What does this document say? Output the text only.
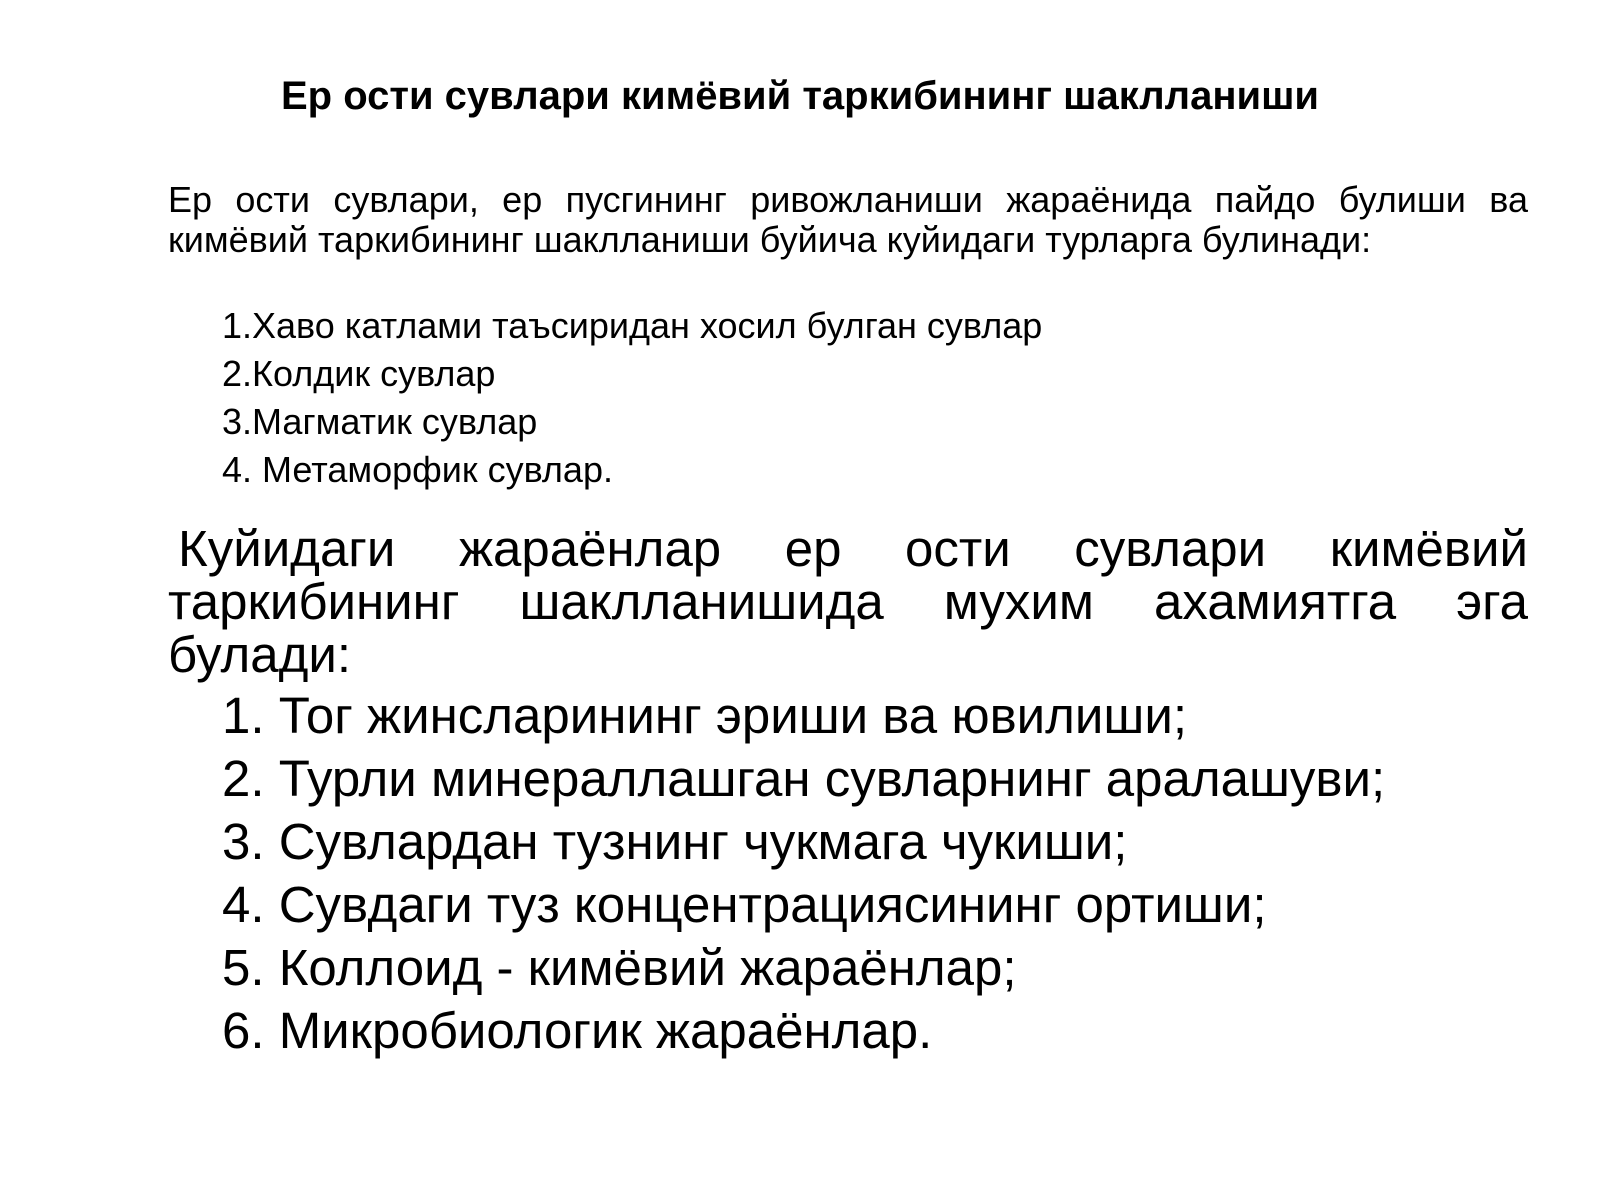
Ер ости сувлари кимёвий таркибининг шаклланиши

Ер ости сувлари, ер пусгининг ривожланиши жараёнида пайдо булиши ва кимёвий таркибининг шаклланиши буйича куйидаги турларга булинади:

1.Хаво катлами таъсиридан хосил булган сувлар
2.Колдик сувлар
3.Магматик сувлар
4. Метаморфик сувлар.

Куйидаги жараёнлар ер ости сувлари кимёвий таркибининг шаклланишида мухим ахамиятга эга булади:

1. Тог жинсларининг эриши ва ювилиши;
2. Турли минераллашган сувларнинг аралашуви;
3. Сувлардан тузнинг чукмага чукиши;
4. Сувдаги туз концентрациясининг ортиши;
5. Коллоид - кимёвий жараёнлар;
6. Микробиологик жараёнлар.
